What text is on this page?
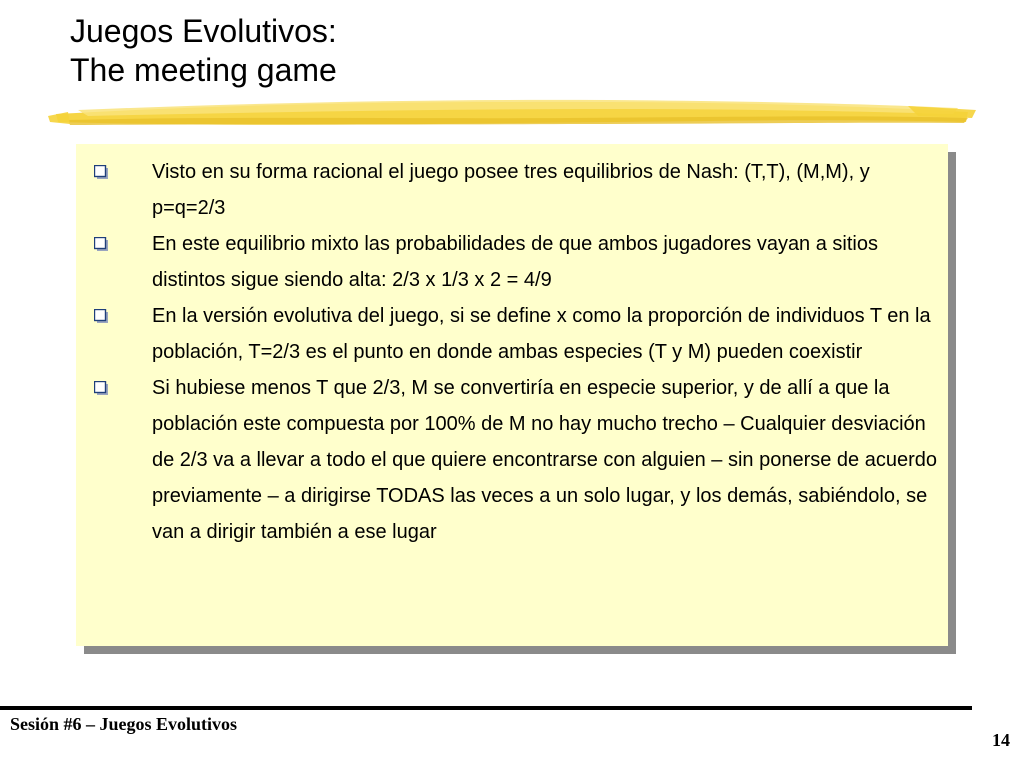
Juegos Evolutivos:
The meeting game
Visto en su forma racional el juego posee tres equilibrios de Nash: (T,T), (M,M), y p=q=2/3
En este equilibrio mixto las probabilidades de que ambos jugadores vayan a sitios distintos sigue siendo alta: 2/3 x 1/3 x 2 = 4/9
En la versión evolutiva del juego, si se define x como la proporción de individuos T en la población, T=2/3 es el punto en donde ambas especies (T y M) pueden coexistir
Si hubiese menos T que 2/3, M se convertiría en especie superior, y de allí a que la población este compuesta por 100% de M no hay mucho trecho – Cualquier desviación de 2/3 va a llevar a todo el que quiere encontrarse con alguien – sin ponerse de acuerdo previamente – a dirigirse TODAS las veces a un solo lugar, y los demás, sabiéndolo, se van a dirigir también a ese lugar
Sesión #6 – Juegos Evolutivos
14
